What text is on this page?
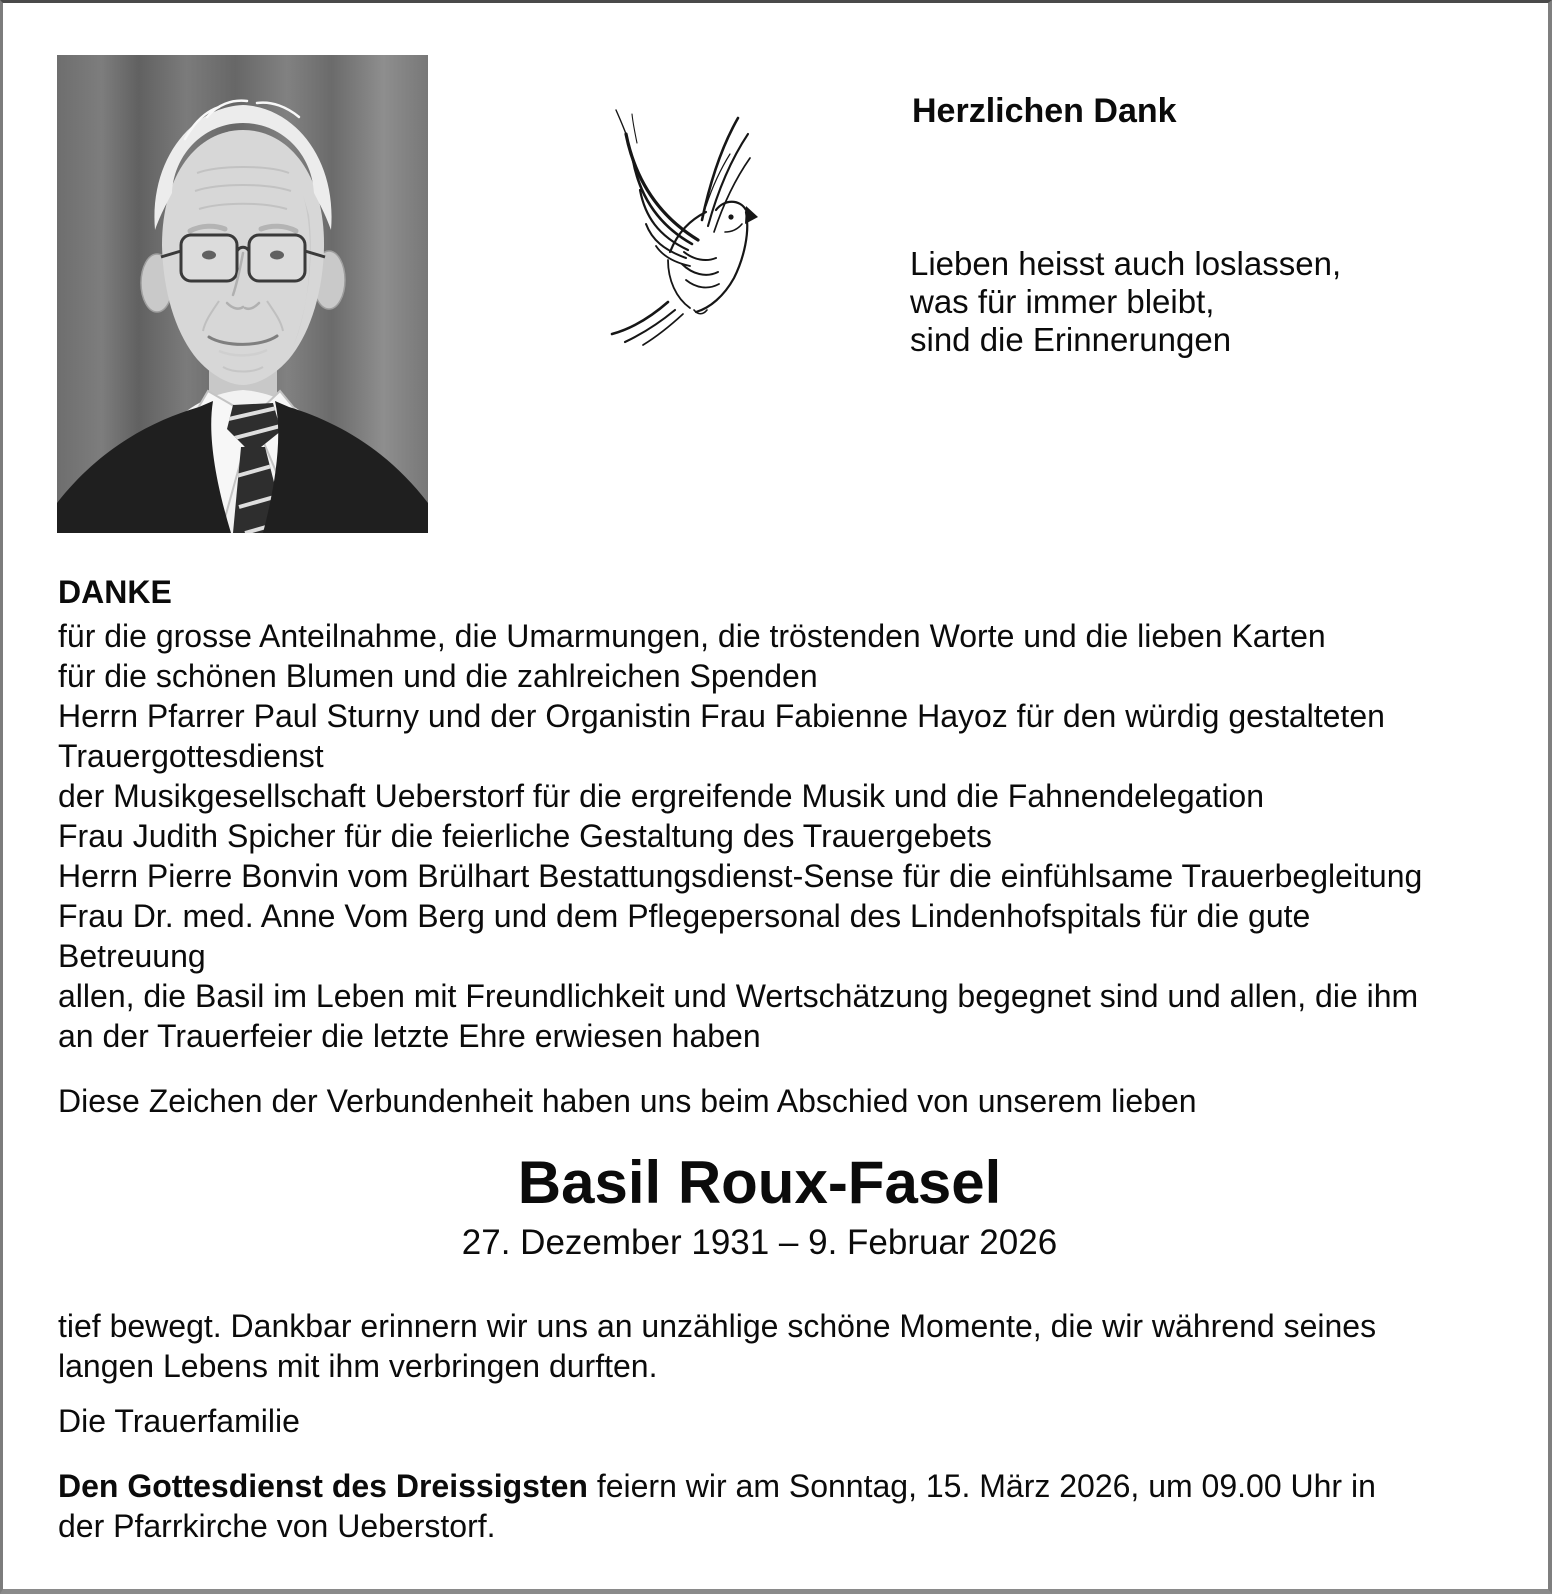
Herzlichen Dank
Lieben heisst auch loslassen,
was für immer bleibt,
sind die Erinnerungen
DANKE
für die grosse Anteilnahme, die Umarmungen, die tröstenden Worte und die lieben Karten
für die schönen Blumen und die zahlreichen Spenden
Herrn Pfarrer Paul Sturny und der Organistin Frau Fabienne Hayoz für den würdig gestalteten
Trauergottesdienst
der Musikgesellschaft Ueberstorf für die ergreifende Musik und die Fahnendelegation
Frau Judith Spicher für die feierliche Gestaltung des Trauergebets
Herrn Pierre Bonvin vom Brülhart Bestattungsdienst-Sense für die einfühlsame Trauerbegleitung
Frau Dr. med. Anne Vom Berg und dem Pflegepersonal des Lindenhofspitals für die gute
Betreuung
allen, die Basil im Leben mit Freundlichkeit und Wertschätzung begegnet sind und allen, die ihm
an der Trauerfeier die letzte Ehre erwiesen haben
Diese Zeichen der Verbundenheit haben uns beim Abschied von unserem lieben
Basil Roux-Fasel
27. Dezember 1931 – 9. Februar 2026
tief bewegt. Dankbar erinnern wir uns an unzählige schöne Momente, die wir während seines
langen Lebens mit ihm verbringen durften.
Die Trauerfamilie
Den Gottesdienst des Dreissigsten feiern wir am Sonntag, 15. März 2026, um 09.00 Uhr in
der Pfarrkirche von Ueberstorf.
